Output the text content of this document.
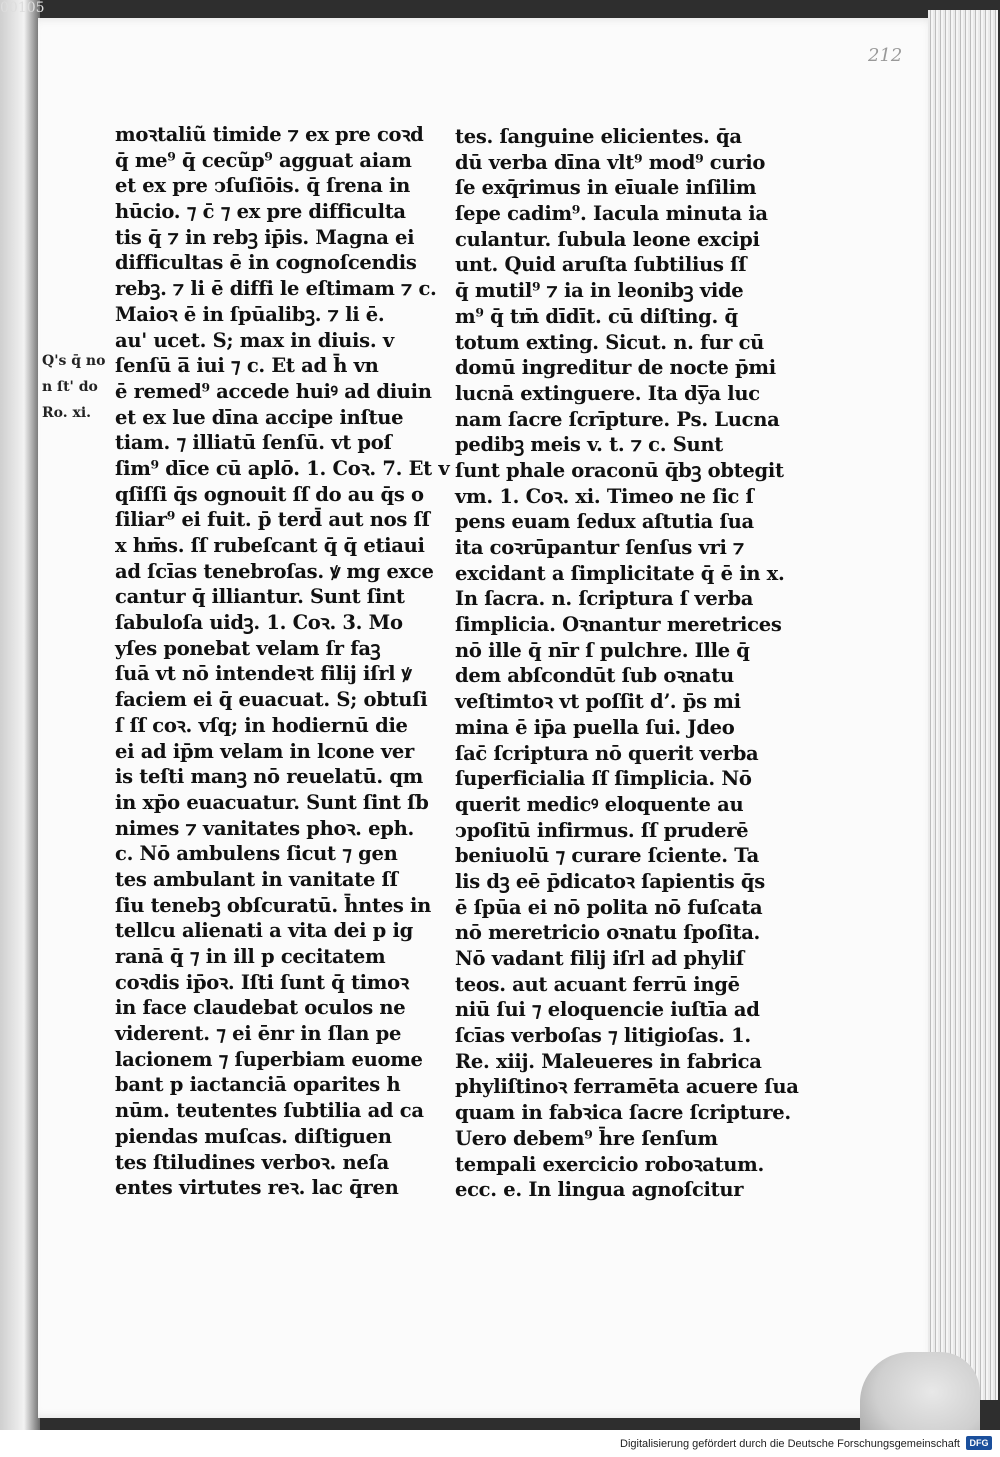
00105
212
Q's q̄ no
n ſt' do
Ro. xi.
moꝛtaliũ timide ⁊ ex pre coꝛd
q̄ me⁹ q̄ cecũp⁹ agguat aiam
et ex pre ↄſuſiōis. q̄ ſrena in
hūcio. ⁊ c̄ ⁊ ex pre difficulta
tis q̄ ⁊ in rebꝫ ip̄is. Magna ei
difficultas ē in cognoſcendis
rebꝫ. ⁊ li ē diffi le eſtimam ⁊ c.
Maioꝛ ē in ſpūalibꝫ. ⁊ li ē.
au' ucet. S; max in diuis. v
ſenſū a̅ iui ⁊ c. Et ad h̄ vn
ē remed⁹ accede huiꝰ ad diuin
et ex lue dīna accipe inſtue
tiam. ⁊ illiatū ſenſū. vt poſ
ſim⁹ dīce cū aplō. 1. Coꝛ. 7. Et v
qſiſſi q̄s ognouit ſſ do au q̄s o
ſiliar⁹ ei fuit. p̄ terd̄ aut nos ſſ
x hm̄s. ſſ rubeſcant q̄ q̄ etiaui
ad ſcīas tenebroſas. ꝟ mg exce
cantur q̄ illiantur. Sunt ſint
ſabuloſa uidꝫ. 1. Coꝛ. 3. Mo
yſes ponebat velam ſr faꝫ
ſuā vt nō intendeꝛt filij iſrl ꝟ
faciem ei q̄ euacuat. S; obtuſi
ſ ſſ coꝛ. vſq; in hodiernū die
ei ad ip̄m velam in lcone ver
is teſti manꝫ nō reuelatū. qm
in xp̄o euacuatur. Sunt ſint ſb
nimes ⁊ vanitates phoꝛ. eph.
c. Nō ambulens ſicut ⁊ gen
tes ambulant in vanitate ſſ
ſiu tenebꝫ obſcuratū. h̄ntes in
tellcu alienati a vita dei p ig
ranā q̄ ⁊ in ill p cecitatem
coꝛdis ip̄oꝛ. Iſti ſunt q̄ timoꝛ
in face claudebat oculos ne
viderent. ⁊ ei ēnr in ſlan pe
lacionem ⁊ ſuperbiam euome
bant p iactanciā oparites h
nūm. teutentes ſubtilia ad ca
piendas muſcas. diſtiguen
tes ſtiludines verboꝛ. neſa
entes virtutes reꝛ. lac q̄ren
tes. ſanguine elicientes. q̄a
dū verba dīna vlt⁹ mod⁹ curio
ſe exq̄rimus in eīuale inſilim
ſepe cadim⁹. Iacula minuta ia
culantur. ſubula leone excipi
unt. Quid aruſta ſubtilius ſſ
q̄ mutil⁹ ⁊ ia in leonibꝫ vide
m⁹ q̄ tm̄ dīdīt. cū diſting. q̄
totum exting. Sicut. n. fur cū
domū ingreditur de nocte p̄mi
lucnā extinguere. Ita dy̅a luc
nam ſacre ſcrīpture. Ps. Lucna
pedibꝫ meis v. t. ⁊ c. Sunt
ſunt phale oraconū q̄bꝫ obtegit
vm. 1. Coꝛ. xi. Timeo ne ſic ſ
pens euam ſedux aſtutia ſua
ita coꝛrūpantur ſenſus vri ⁊
excidant a ſimplicitate q̄ ē in x.
In ſacra. n. ſcriptura ſ verba
ſimplicia. Oꝛnantur meretrices
nō ille q̄ nīr ſ pulchre. Ille q̄
dem abſcondūt ſub oꝛnatu
veſtimtoꝛ vt poſſit dʼ. p̄s mi
mina ē ip̄a puella ſui. Jdeo
ſac̄ ſcriptura nō querit verba
ſuperficialia ſſ ſimplicia. Nō
querit medicꝰ eloquente au
ↄpoſitū infirmus. ſſ pruderē
beniuolū ⁊ curare ſciente. Ta
lis dꝫ eē p̄dicatoꝛ ſapientis q̄s
ē ſpūa ei nō polita nō fuſcata
nō meretricio oꝛnatu ſpoſita.
Nō vadant filij iſrl ad phyliſ
teos. aut acuant ferrū ingē
niū ſui ⁊ eloquencie iuſtīa ad
ſcīas verboſas ⁊ litigioſas. 1.
Re. xiij. Maleueres in fabrica
phyliſtinoꝛ ferramēta acuere ſua
quam in fabꝛica ſacre ſcripture.
Uero debem⁹ h̄re ſenſum
tempali exercicio roboꝛatum.
ecc. e. In lingua agnoſcitur
Digitalisierung gefördert durch die Deutsche Forschungsgemeinschaft	DFG
